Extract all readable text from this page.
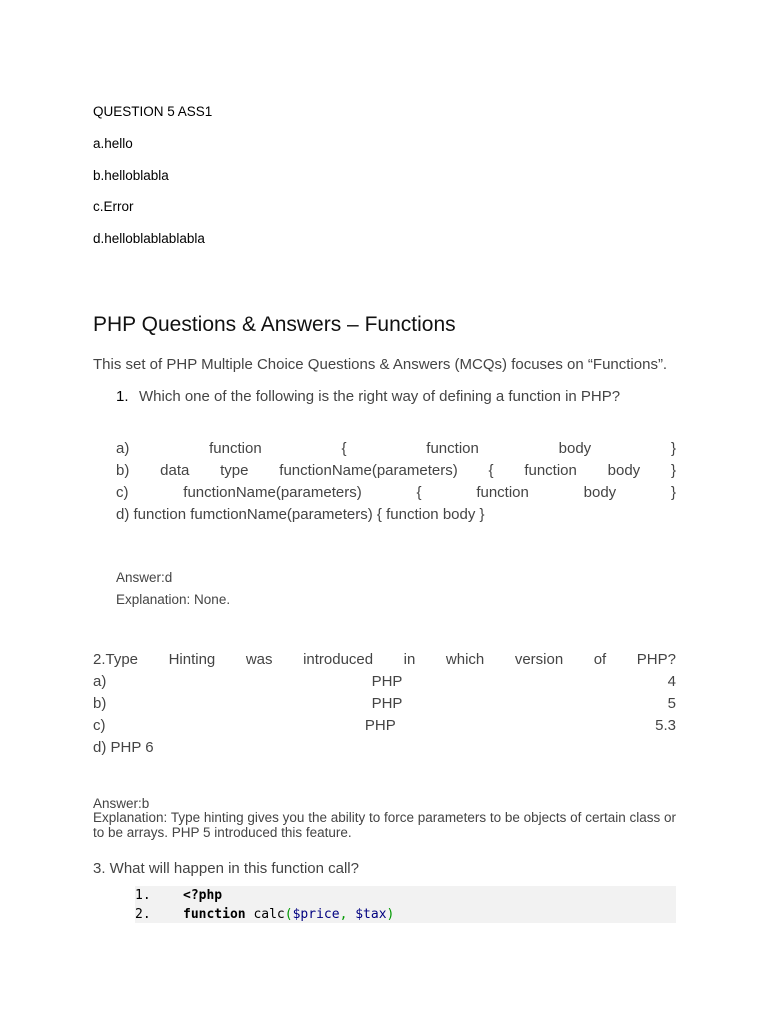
QUESTION 5 ASS1

a.hello

b.helloblabla

c.Error

d.helloblablablabla

PHP Questions & Answers – Functions

This set of PHP Multiple Choice Questions & Answers (MCQs) focuses on “Functions”.

1. Which one of the following is the right way of defining a function in PHP?

a)	function	{	function	body	}
b) data type functionName(parameters) { function body }
c)	functionName(parameters)	{	function	body	}
d) function fumctionName(parameters) { function body }

Answer:d

Explanation: None.

2.Type Hinting was introduced in which version of PHP?
a)	PHP	4
b)	PHP	5
c)	PHP	5.3
d) PHP 6

Answer:b

Explanation: Type hinting gives you the ability to force parameters to be objects of certain class or to be arrays. PHP 5 introduced this feature.

3. What will happen in this function call?

1.	<?php
2.	function calc($price, $tax)
